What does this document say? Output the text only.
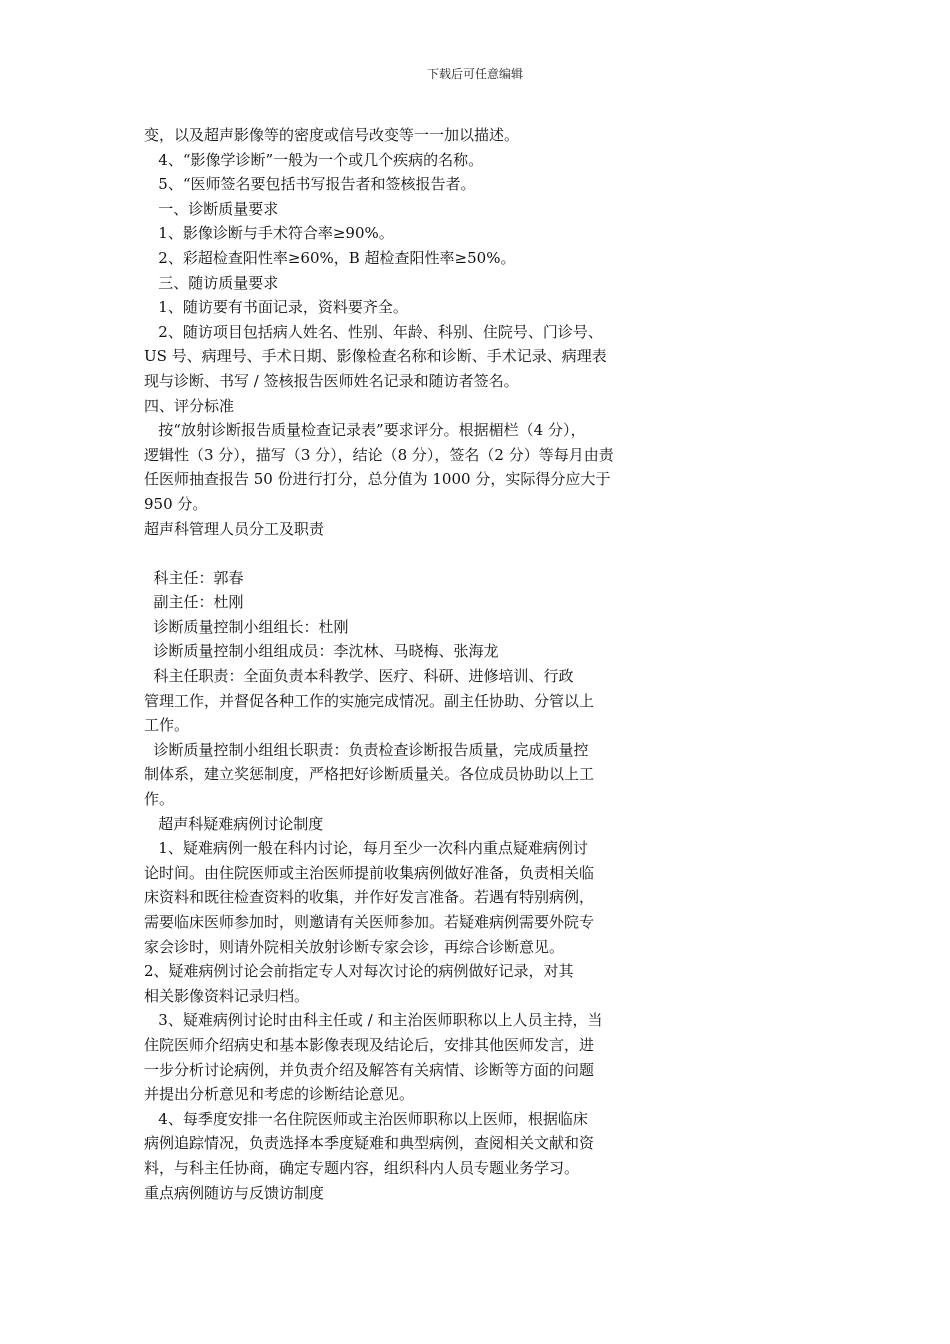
下载后可任意编辑
变，以及超声影像等的密度或信号改变等一一加以描述。
4、“影像学诊断”一般为一个或几个疾病的名称。
5、“医师签名要包括书写报告者和签核报告者。
一、诊断质量要求
1、影像诊断与手术符合率≥90%。
2、彩超检查阳性率≥60%，B 超检查阳性率≥50%。
三、随访质量要求
1、随访要有书面记录，资料要齐全。
2、随访项目包括病人姓名、性别、年龄、科别、住院号、门诊号、
US 号、病理号、手术日期、影像检查名称和诊断、手术记录、病理表
现与诊断、书写 / 签核报告医师姓名记录和随访者签名。
四、评分标准
按“放射诊断报告质量检查记录表”要求评分。根据楣栏（4 分），
逻辑性（3 分），描写（3 分），结论（8 分），签名（2 分）等每月由责
任医师抽查报告 50 份进行打分，总分值为 1000 分，实际得分应大于
950 分。
超声科管理人员分工及职责
科主任：郭春
副主任：杜刚
诊断质量控制小组组长：杜刚
诊断质量控制小组组成员：李沈林、马晓梅、张海龙
科主任职责：全面负责本科教学、医疗、科研、进修培训、行政
管理工作，并督促各种工作的实施完成情况。副主任协助、分管以上
工作。
诊断质量控制小组组长职责：负责检查诊断报告质量，完成质量控
制体系，建立奖惩制度，严格把好诊断质量关。各位成员协助以上工
作。
超声科疑难病例讨论制度
1、疑难病例一般在科内讨论，每月至少一次科内重点疑难病例讨
论时间。由住院医师或主治医师提前收集病例做好准备，负责相关临
床资料和既往检查资料的收集，并作好发言准备。若遇有特别病例，
需要临床医师参加时，则邀请有关医师参加。若疑难病例需要外院专
家会诊时，则请外院相关放射诊断专家会诊，再综合诊断意见。
2、疑难病例讨论会前指定专人对每次讨论的病例做好记录，对其
相关影像资料记录归档。
3、疑难病例讨论时由科主任或 / 和主治医师职称以上人员主持，当
住院医师介绍病史和基本影像表现及结论后，安排其他医师发言，进
一步分析讨论病例，并负责介绍及解答有关病情、诊断等方面的问题
并提出分析意见和考虑的诊断结论意见。
4、每季度安排一名住院医师或主治医师职称以上医师，根据临床
病例追踪情况，负责选择本季度疑难和典型病例，查阅相关文献和资
料，与科主任协商，确定专题内容，组织科内人员专题业务学习。
重点病例随访与反馈访制度
